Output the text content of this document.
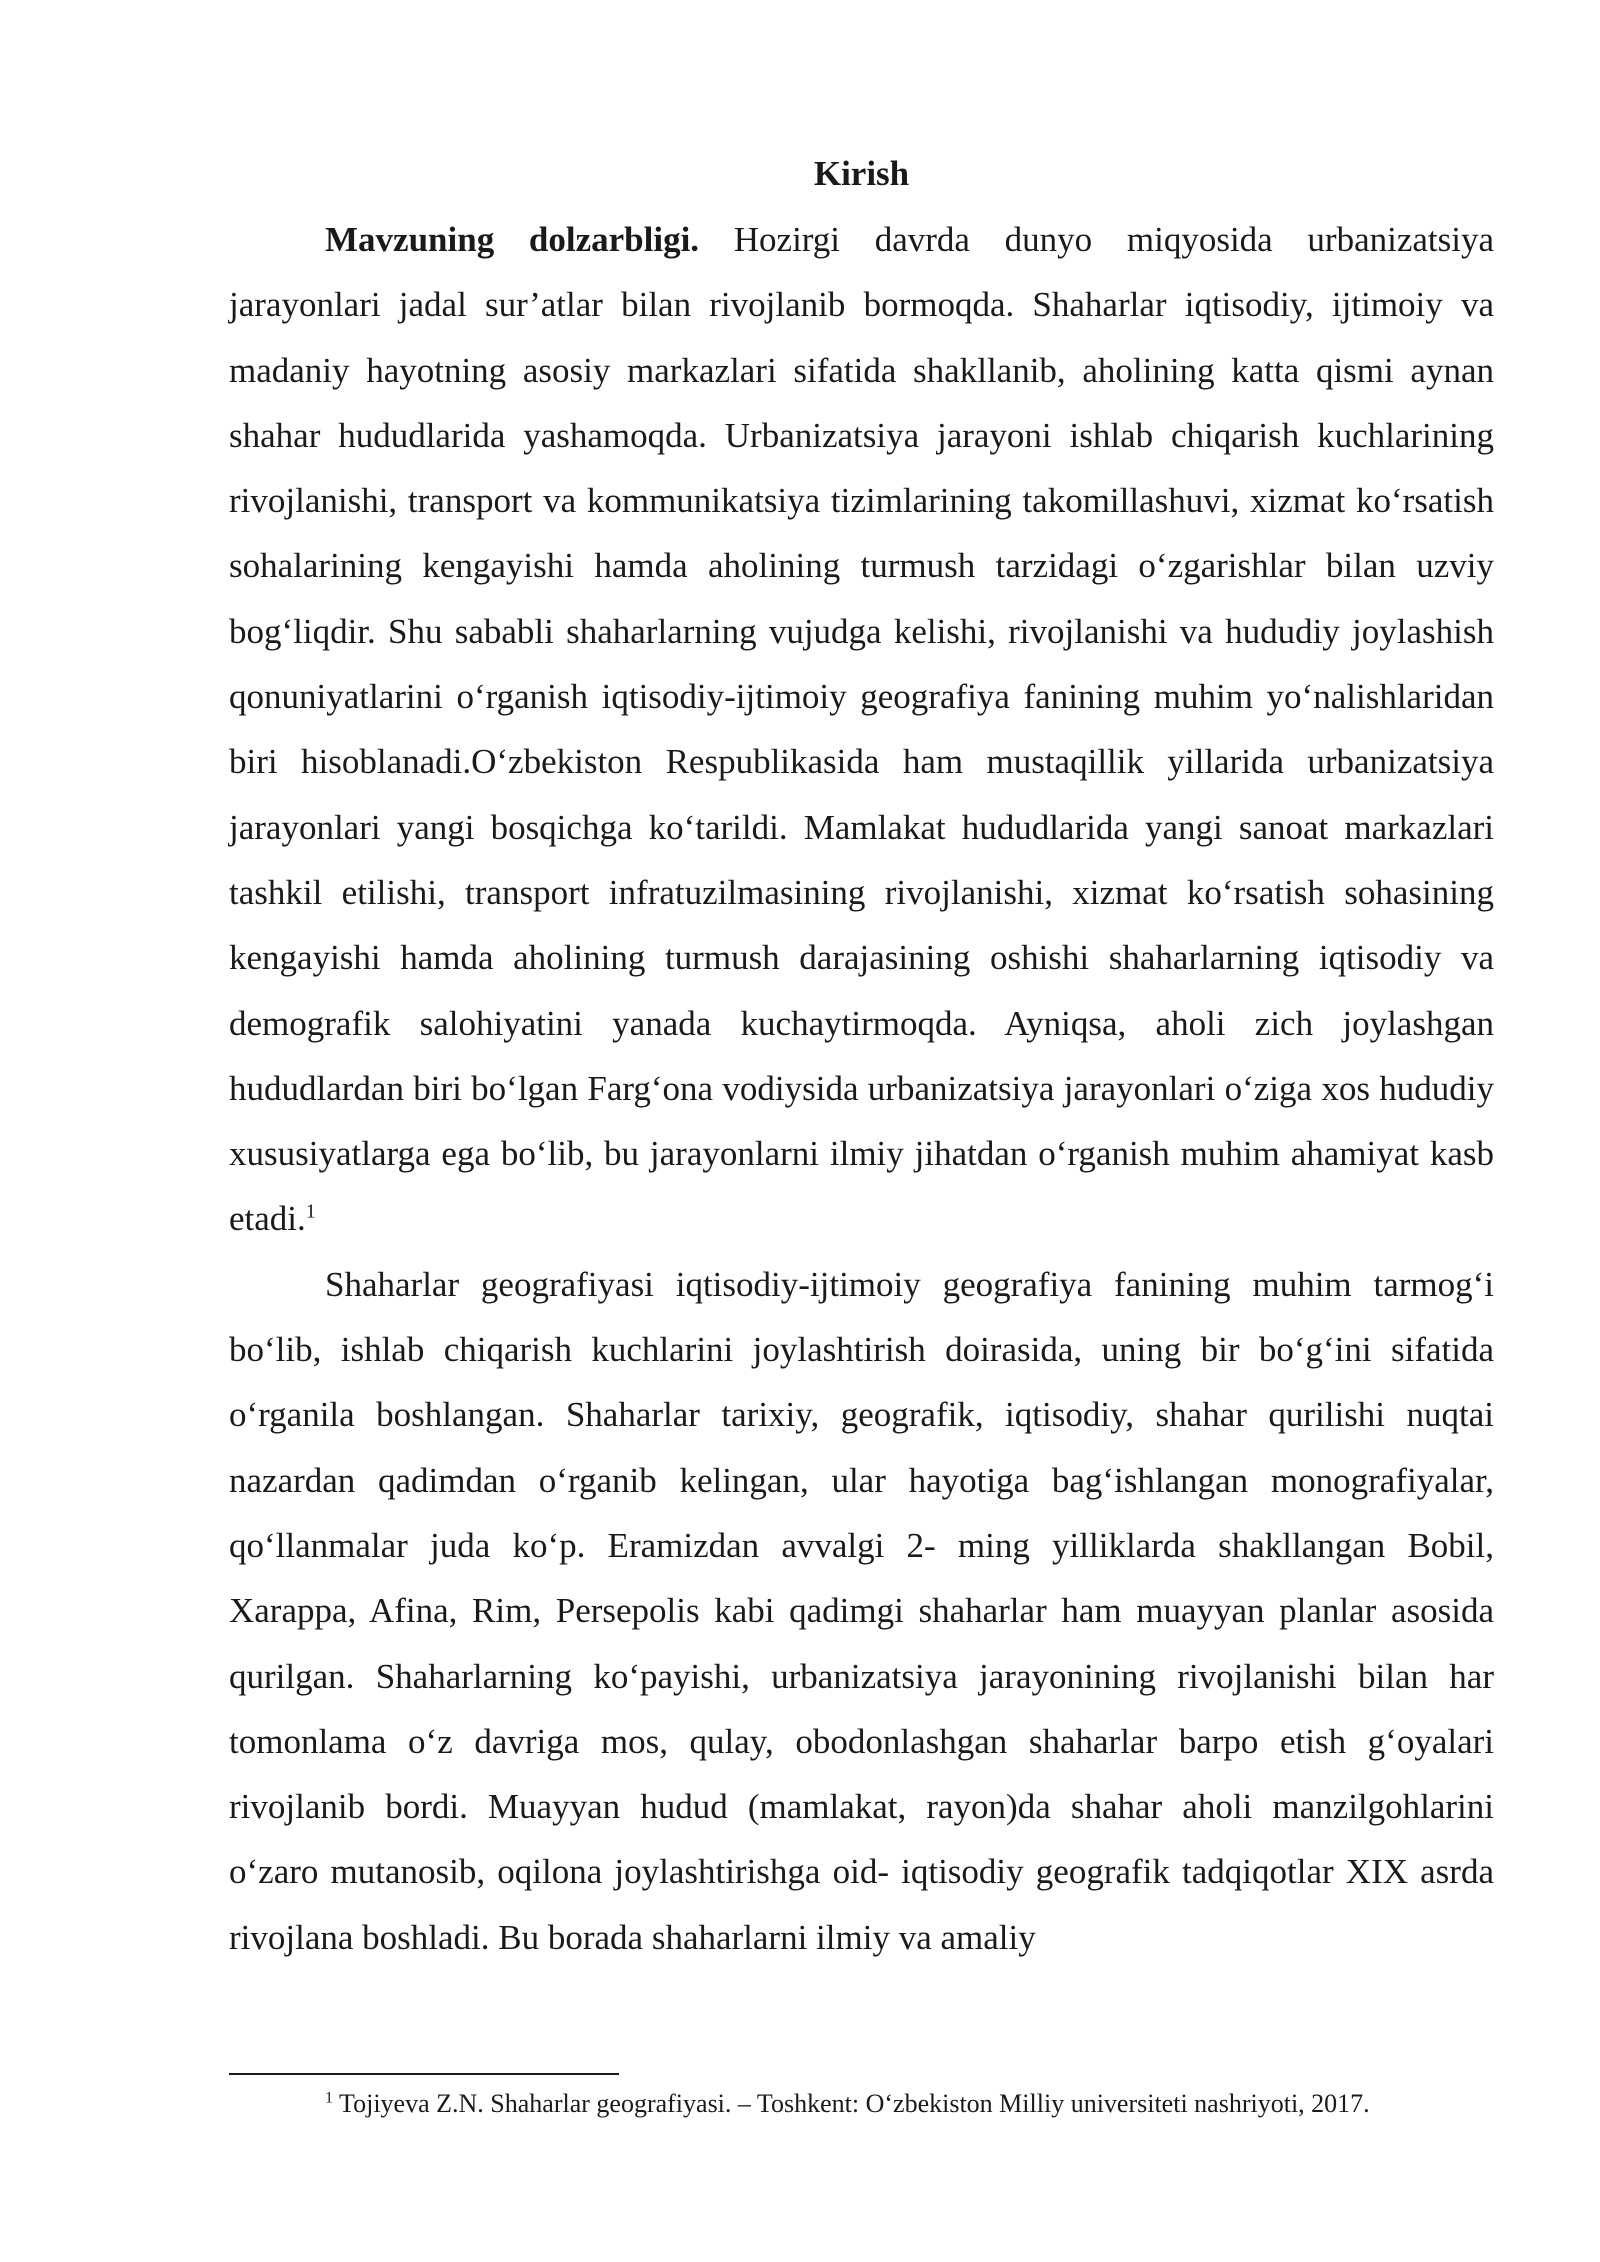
Kirish

Mavzuning dolzarbligi. Hozirgi davrda dunyo miqyosida urbanizatsiya jarayonlari jadal sur’atlar bilan rivojlanib bormoqda. Shaharlar iqtisodiy, ijtimoiy va madaniy hayotning asosiy markazlari sifatida shakllanib, aholining katta qismi aynan shahar hududlarida yashamoqda. Urbanizatsiya jarayoni ishlab chiqarish kuchlarining rivojlanishi, transport va kommunikatsiya tizimlarining takomillashuvi, xizmat ko‘rsatish sohalarining kengayishi hamda aholining turmush tarzidagi o‘zgarishlar bilan uzviy bog‘liqdir. Shu sababli shaharlarning vujudga kelishi, rivojlanishi va hududiy joylashish qonuniyatlarini o‘rganish iqtisodiy-ijtimoiy geografiya fanining muhim yo‘nalishlaridan biri hisoblanadi.O‘zbekiston Respublikasida ham mustaqillik yillarida urbanizatsiya jarayonlari yangi bosqichga ko‘tarildi. Mamlakat hududlarida yangi sanoat markazlari tashkil etilishi, transport infratuzilmasining rivojlanishi, xizmat ko‘rsatish sohasining kengayishi hamda aholining turmush darajasining oshishi shaharlarning iqtisodiy va demografik salohiyatini yanada kuchaytirmoqda. Ayniqsa, aholi zich joylashgan hududlardan biri bo‘lgan Farg‘ona vodiysida urbanizatsiya jarayonlari o‘ziga xos hududiy xususiyatlarga ega bo‘lib, bu jarayonlarni ilmiy jihatdan o‘rganish muhim ahamiyat kasb etadi.$^1$

Shaharlar geografiyasi iqtisodiy-ijtimoiy geografiya fanining muhim tarmog‘i bo‘lib, ishlab chiqarish kuchlarini joylashtirish doirasida, uning bir bo‘g‘ini sifatida o‘rganila boshlangan. Shaharlar tarixiy, geografik, iqtisodiy, shahar qurilishi nuqtai nazardan qadimdan o‘rganib kelingan, ular hayotiga bag‘ishlangan monografiyalar, qo‘llanmalar juda ko‘p. Eramizdan avvalgi 2- ming yilliklarda shakllangan Bobil, Xarappa, Afina, Rim, Persepolis kabi qadimgi shaharlar ham muayyan planlar asosida qurilgan. Shaharlarning ko‘payishi, urbanizatsiya jarayonining rivojlanishi bilan har tomonlama o‘z davriga mos, qulay, obodonlashgan shaharlar barpo etish g‘oyalari rivojlanib bordi. Muayyan hudud (mamlakat, rayon)da shahar aholi manzilgohlarini o‘zaro mutanosib, oqilona joylashtirishga oid- iqtisodiy geografik tadqiqotlar XIX asrda rivojlana boshladi. Bu borada shaharlarni ilmiy va amaliy

$^1$ Tojiyeva Z.N. Shaharlar geografiyasi. – Toshkent: O‘zbekiston Milliy universiteti nashriyoti, 2017.
